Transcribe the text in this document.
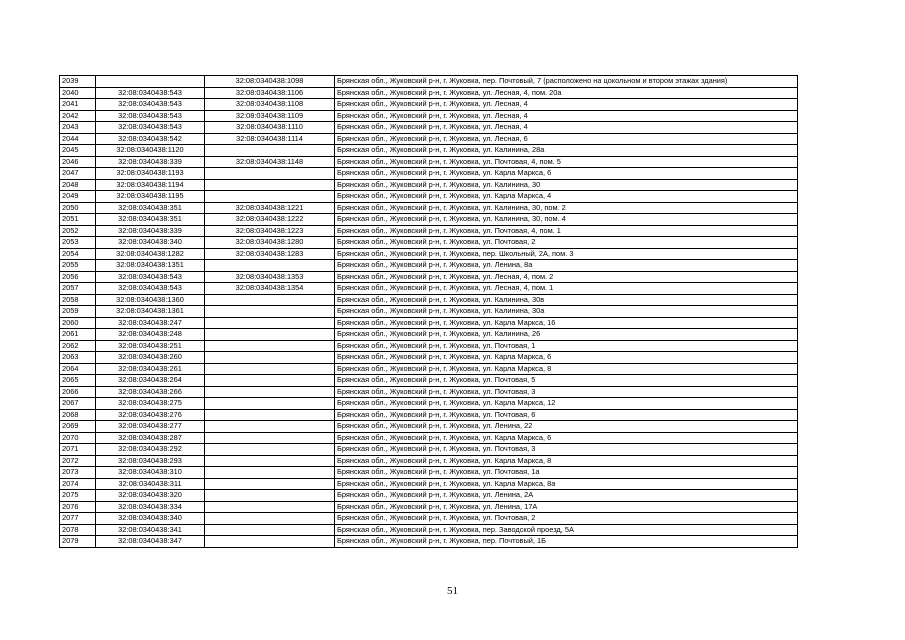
2039		32:08:0340438:1098	Брянская обл., Жуковский р-н, г. Жуковка, пер. Почтовый, 7 (расположено на цокольном и втором этажах здания)
2040	32:08:0340438:543	32:08:0340438:1106	Брянская обл., Жуковский р-н, г. Жуковка, ул. Лесная, 4, пом. 20а
2041	32:08:0340438:543	32:08:0340438:1108	Брянская обл., Жуковский р-н, г. Жуковка, ул. Лесная, 4
2042	32:08:0340438:543	32:08:0340438:1109	Брянская обл., Жуковский р-н, г. Жуковка, ул. Лесная, 4
2043	32:08:0340438:543	32:08:0340438:1110	Брянская обл., Жуковский р-н, г. Жуковка, ул. Лесная, 4
2044	32:08:0340438:542	32:08:0340438:1114	Брянская обл., Жуковский р-н, г. Жуковка, ул. Лесная, 6
2045	32:08:0340438:1120		Брянская обл., Жуковский р-н, г. Жуковка, ул. Калинина, 28а
2046	32:08:0340438:339	32:08:0340438:1148	Брянская обл., Жуковский р-н, г. Жуковка, ул. Почтовая, 4, пом. 5
2047	32:08:0340438:1193		Брянская обл., Жуковский р-н, г. Жуковка, ул. Карла Маркса, 6
2048	32:08:0340438:1194		Брянская обл., Жуковский р-н, г. Жуковка, ул. Калинина, 30
2049	32:08:0340438:1195		Брянская обл., Жуковский р-н, г. Жуковка, ул. Карла Маркса, 4
2050	32:08:0340438:351	32:08:0340438:1221	Брянская обл., Жуковский р-н, г. Жуковка, ул. Калинина, 30, пом. 2
2051	32:08:0340438:351	32:08:0340438:1222	Брянская обл., Жуковский р-н, г. Жуковка, ул. Калинина, 30, пом. 4
2052	32:08:0340438:339	32:08:0340438:1223	Брянская обл., Жуковский р-н, г. Жуковка, ул. Почтовая, 4, пом. 1
2053	32:08:0340438:340	32:08:0340438:1280	Брянская обл., Жуковский р-н, г. Жуковка, ул. Почтовая, 2
2054	32:08:0340438:1282	32:08:0340438:1283	Брянская обл., Жуковский р-н, г. Жуковка, пер. Школьный, 2А, пом. 3
2055	32:08:0340438:1351		Брянская обл., Жуковский р-н, г. Жуковка, ул. Ленина, 8а
2056	32:08:0340438:543	32:08:0340438:1353	Брянская обл., Жуковский р-н, г. Жуковка, ул. Лесная, 4, пом. 2
2057	32:08:0340438:543	32:08:0340438:1354	Брянская обл., Жуковский р-н, г. Жуковка, ул. Лесная, 4, пом. 1
2058	32:08:0340438:1360		Брянская обл., Жуковский р-н, г. Жуковка, ул. Калинина, 30в
2059	32:08:0340438:1361		Брянская обл., Жуковский р-н, г. Жуковка, ул. Калинина, 30а
2060	32:08:0340438:247		Брянская обл., Жуковский р-н, г. Жуковка, ул. Карла Маркса, 16
2061	32:08:0340438:248		Брянская обл., Жуковский р-н, г. Жуковка, ул. Калинина, 26
2062	32:08:0340438:251		Брянская обл., Жуковский р-н, г. Жуковка, ул. Почтовая, 1
2063	32:08:0340438:260		Брянская обл., Жуковский р-н, г. Жуковка, ул. Карла Маркса, 6
2064	32:08:0340438:261		Брянская обл., Жуковский р-н, г. Жуковка, ул. Карла Маркса, 8
2065	32:08:0340438:264		Брянская обл., Жуковский р-н, г. Жуковка, ул. Почтовая, 5
2066	32:08:0340438:266		Брянская обл., Жуковский р-н, г. Жуковка, ул. Почтовая, 3
2067	32:08:0340438:275		Брянская обл., Жуковский р-н, г. Жуковка, ул. Карла Маркса, 12
2068	32:08:0340438:276		Брянская обл., Жуковский р-н, г. Жуковка, ул. Почтовая, 6
2069	32:08:0340438:277		Брянская обл., Жуковский р-н, г. Жуковка, ул. Ленина, 22
2070	32:08:0340438:287		Брянская обл., Жуковский р-н, г. Жуковка, ул. Карла Маркса, 6
2071	32:08:0340438:292		Брянская обл., Жуковский р-н, г. Жуковка, ул. Почтовая, 3
2072	32:08:0340438:293		Брянская обл., Жуковский р-н, г. Жуковка, ул. Карла Маркса, 8
2073	32:08:0340438:310		Брянская обл., Жуковский р-н, г. Жуковка, ул. Почтовая, 1а
2074	32:08:0340438:311		Брянская обл., Жуковский р-н, г. Жуковка, ул. Карла Маркса, 8а
2075	32:08:0340438:320		Брянская обл., Жуковский р-н, г. Жуковка, ул. Ленина, 2А
2076	32:08:0340438:334		Брянская обл., Жуковский р-н, г. Жуковка, ул. Ленина, 17А
2077	32:08:0340438:340		Брянская обл., Жуковский р-н, г. Жуковка, ул. Почтовая, 2
2078	32:08:0340438:341		Брянская обл., Жуковский р-н, г. Жуковка, пер. Заводской проезд, 5А
2079	32:08:0340438:347		Брянская обл., Жуковский р-н, г. Жуковка, пер. Почтовый, 1Б
51
